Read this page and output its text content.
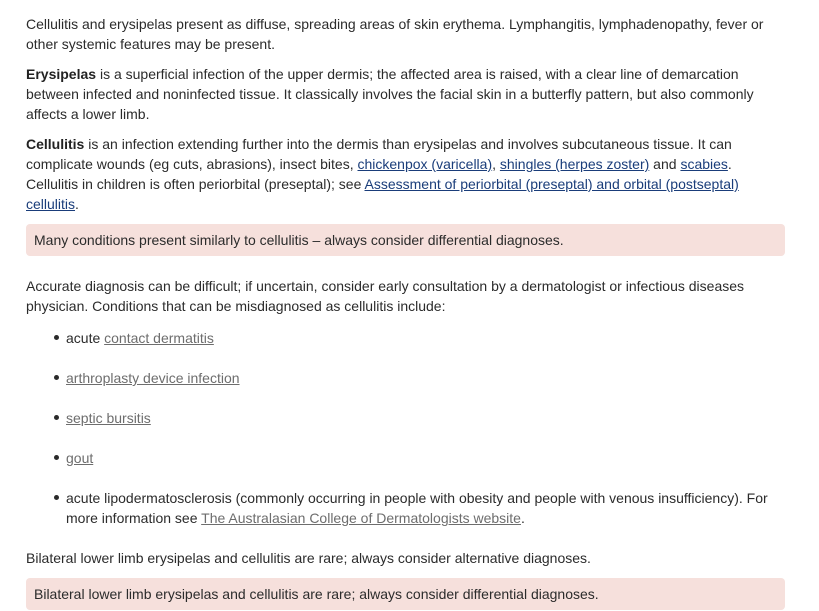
Cellulitis and erysipelas present as diffuse, spreading areas of skin erythema. Lymphangitis, lymphadenopathy, fever or other systemic features may be present.

Erysipelas is a superficial infection of the upper dermis; the affected area is raised, with a clear line of demarcation between infected and noninfected tissue. It classically involves the facial skin in a butterfly pattern, but also commonly affects a lower limb.

Cellulitis is an infection extending further into the dermis than erysipelas and involves subcutaneous tissue. It can complicate wounds (eg cuts, abrasions), insect bites, chickenpox (varicella), shingles (herpes zoster) and scabies. Cellulitis in children is often periorbital (preseptal); see Assessment of periorbital (preseptal) and orbital (postseptal) cellulitis.

Many conditions present similarly to cellulitis – always consider differential diagnoses.

Accurate diagnosis can be difficult; if uncertain, consider early consultation by a dermatologist or infectious diseases physician. Conditions that can be misdiagnosed as cellulitis include:

acute contact dermatitis
arthroplasty device infection
septic bursitis
gout
acute lipodermatosclerosis (commonly occurring in people with obesity and people with venous insufficiency). For more information see The Australasian College of Dermatologists website.

Bilateral lower limb erysipelas and cellulitis are rare; always consider alternative diagnoses.

Bilateral lower limb erysipelas and cellulitis are rare; always consider differential diagnoses.
